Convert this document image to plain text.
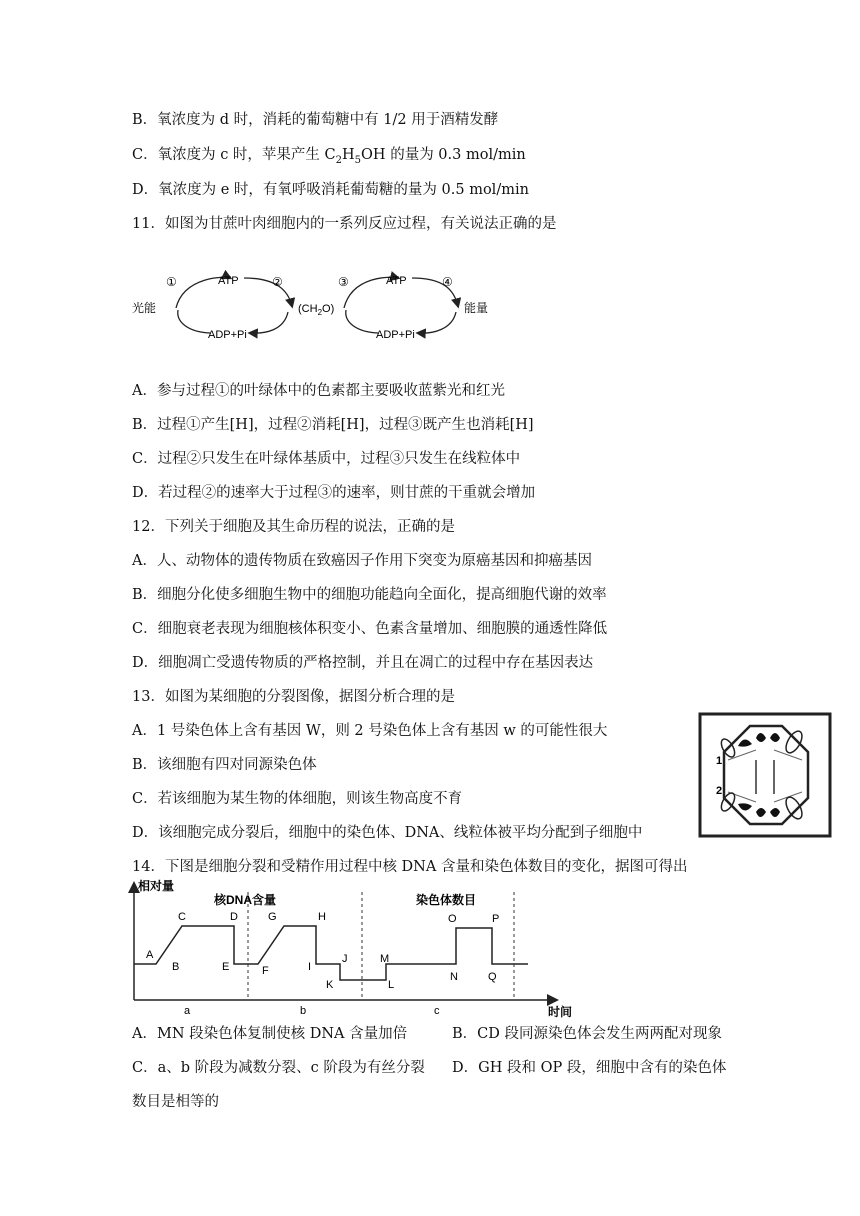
B．氧浓度为 d 时，消耗的葡萄糖中有 1/2 用于酒精发酵
C．氧浓度为 c 时，苹果产生 $C_2H_5OH$ 的量为 0.3 mol/min
D．氧浓度为 e 时，有氧呼吸消耗葡萄糖的量为 0.5 mol/min
11．如图为甘蔗叶肉细胞内的一系列反应过程，有关说法正确的是
光能
①	ATP	②
ADP+Pi
$(CH_2O)$
③	ATP	④
ADP+Pi
能量
A．参与过程①的叶绿体中的色素都主要吸收蓝紫光和红光
B．过程①产生[H]，过程②消耗[H]，过程③既产生也消耗[H]
C．过程②只发生在叶绿体基质中，过程③只发生在线粒体中
D．若过程②的速率大于过程③的速率，则甘蔗的干重就会增加
12．下列关于细胞及其生命历程的说法，正确的是
A．人、动物体的遗传物质在致癌因子作用下突变为原癌基因和抑癌基因
B．细胞分化使多细胞生物中的细胞功能趋向全面化，提高细胞代谢的效率
C．细胞衰老表现为细胞核体积变小、色素含量增加、细胞膜的通透性降低
D．细胞凋亡受遗传物质的严格控制，并且在凋亡的过程中存在基因表达
13．如图为某细胞的分裂图像，据图分析合理的是
A．1 号染色体上含有基因 W，则 2 号染色体上含有基因 w 的可能性很大
B．该细胞有四对同源染色体
C．若该细胞为某生物的体细胞，则该生物高度不育
D．该细胞完成分裂后，细胞中的染色体、DNA、线粒体被平均分配到子细胞中
1
2
14．下图是细胞分裂和受精作用过程中核 DNA 含量和染色体数目的变化，据图可得出
相对量
时间
核DNA含量	染色体数目
A
B
C	D
E	F
G	H
I
J
K	L
M
N
O	P
Q
a	b	c
A．MN 段染色体复制使核 DNA 含量加倍	B．CD 段同源染色体会发生两两配对现象
C．a、b 阶段为减数分裂、c 阶段为有丝分裂 D．GH 段和 OP 段，细胞中含有的染色体
数目是相等的
